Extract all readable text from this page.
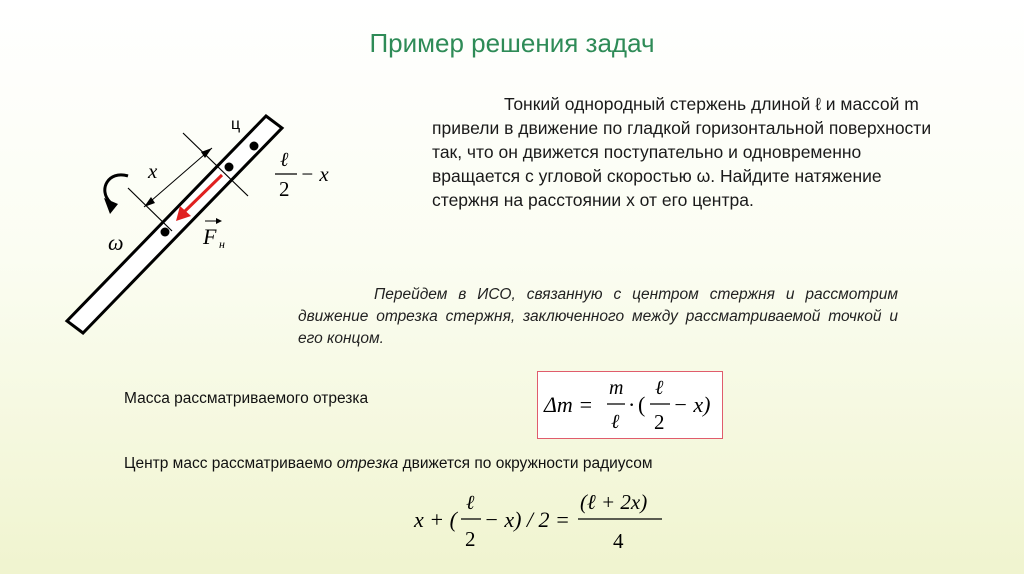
Пример решения задач
ц
x
ω	F н
ℓ
2
− x
Тонкий однородный стержень длиной ℓ и массой m привели в движение по гладкой горизонтальной поверхности так, что он движется поступательно и одновременно вращается с угловой скоростью ω. Найдите натяжение стержня на расстоянии x от его центра.
Перейдем в ИСО, связанную с центром стержня и рассмотрим движение отрезка стержня, заключенного между рассматриваемой точкой и его концом.
Масса рассматриваемого отрезка	Δm =
m
ℓ
· (
ℓ
2
− x)
Центр масс рассматриваемо отрезка движется по окружности радиусом
x + (
ℓ
2
− x) / 2 =
(ℓ + 2x)
4
